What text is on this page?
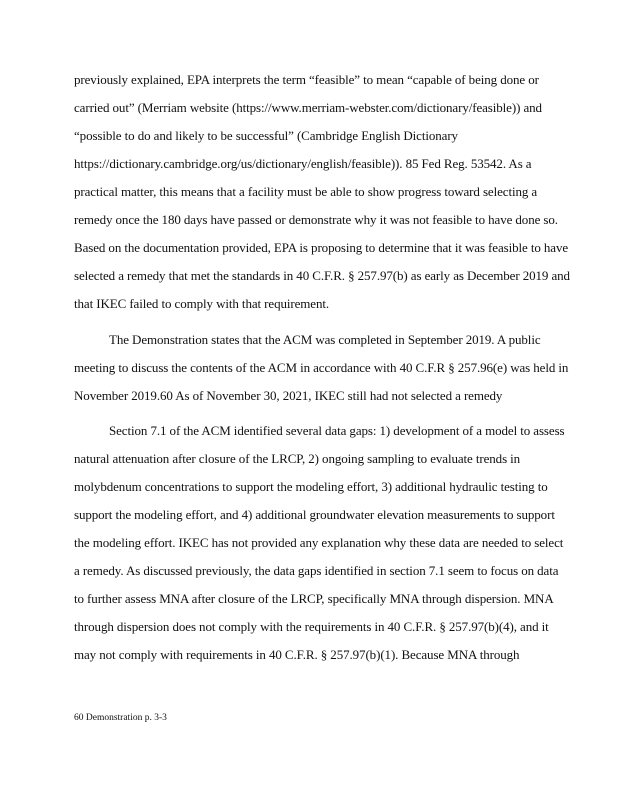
previously explained, EPA interprets the term “feasible” to mean “capable of being done or
carried out” (Merriam website (https://www.merriam-webster.com/dictionary/feasible)) and
“possible to do and likely to be successful” (Cambridge English Dictionary
https://dictionary.cambridge.org/us/dictionary/english/feasible)). 85 Fed Reg. 53542. As a
practical matter, this means that a facility must be able to show progress toward selecting a
remedy once the 180 days have passed or demonstrate why it was not feasible to have done so.
Based on the documentation provided, EPA is proposing to determine that it was feasible to have
selected a remedy that met the standards in 40 C.F.R. § 257.97(b) as early as December 2019 and
that IKEC failed to comply with that requirement.
The Demonstration states that the ACM was completed in September 2019. A public
meeting to discuss the contents of the ACM in accordance with 40 C.F.R § 257.96(e) was held in
November 2019.60 As of November 30, 2021, IKEC still had not selected a remedy
Section 7.1 of the ACM identified several data gaps: 1) development of a model to assess
natural attenuation after closure of the LRCP, 2) ongoing sampling to evaluate trends in
molybdenum concentrations to support the modeling effort, 3) additional hydraulic testing to
support the modeling effort, and 4) additional groundwater elevation measurements to support
the modeling effort. IKEC has not provided any explanation why these data are needed to select
a remedy. As discussed previously, the data gaps identified in section 7.1 seem to focus on data
to further assess MNA after closure of the LRCP, specifically MNA through dispersion. MNA
through dispersion does not comply with the requirements in 40 C.F.R. § 257.97(b)(4), and it
may not comply with requirements in 40 C.F.R. § 257.97(b)(1). Because MNA through
60 Demonstration p. 3-3
